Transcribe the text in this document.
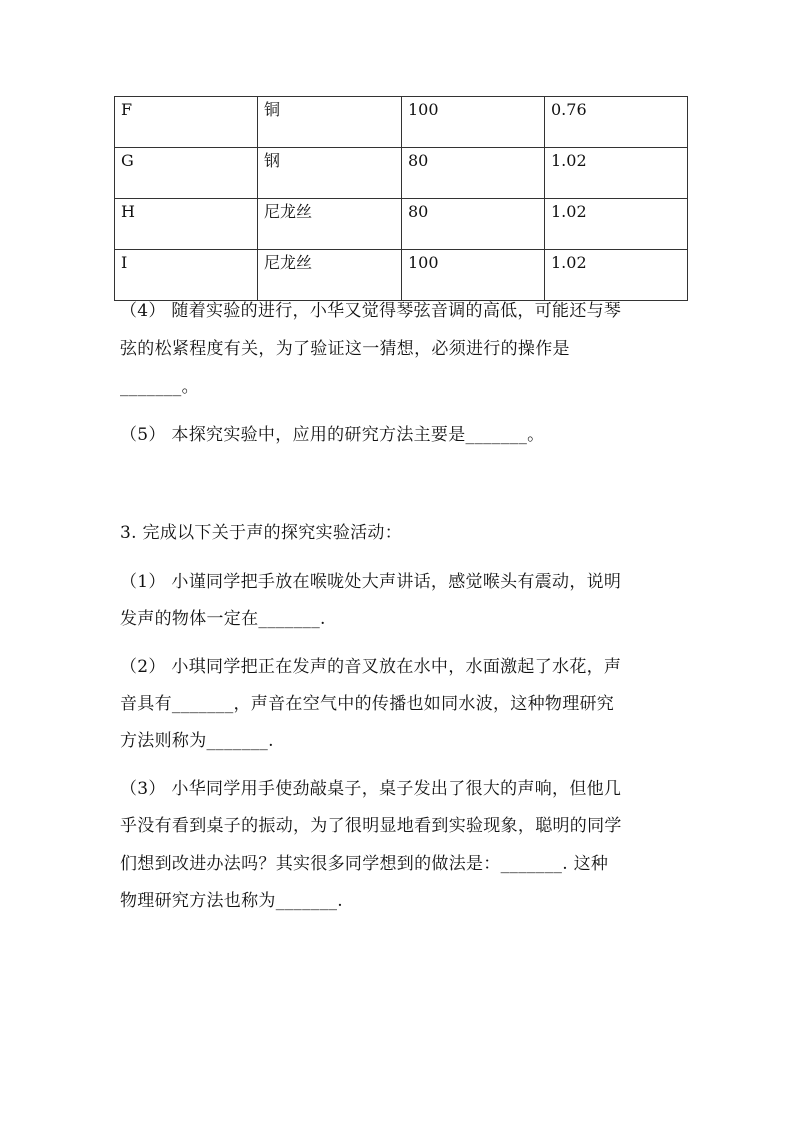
F	铜	100	0.76

G	钢	80	1.02

H	尼龙丝	80	1.02

I	尼龙丝	100	1.02

（4） 随着实验的进行，小华又觉得琴弦音调的高低，可能还与琴

弦的松紧程度有关，为了验证这一猜想，必须进行的操作是

_______。

（5） 本探究实验中，应用的研究方法主要是_______。

3. 完成以下关于声的探究实验活动：

（1） 小谨同学把手放在喉咙处大声讲话，感觉喉头有震动，说明

发声的物体一定在_______.

（2） 小琪同学把正在发声的音叉放在水中，水面激起了水花，声

音具有_______，声音在空气中的传播也如同水波，这种物理研究

方法则称为_______.

（3） 小华同学用手使劲敲桌子，桌子发出了很大的声响，但他几

乎没有看到桌子的振动，为了很明显地看到实验现象，聪明的同学

们想到改进办法吗？其实很多同学想到的做法是：_______. 这种

物理研究方法也称为_______.
